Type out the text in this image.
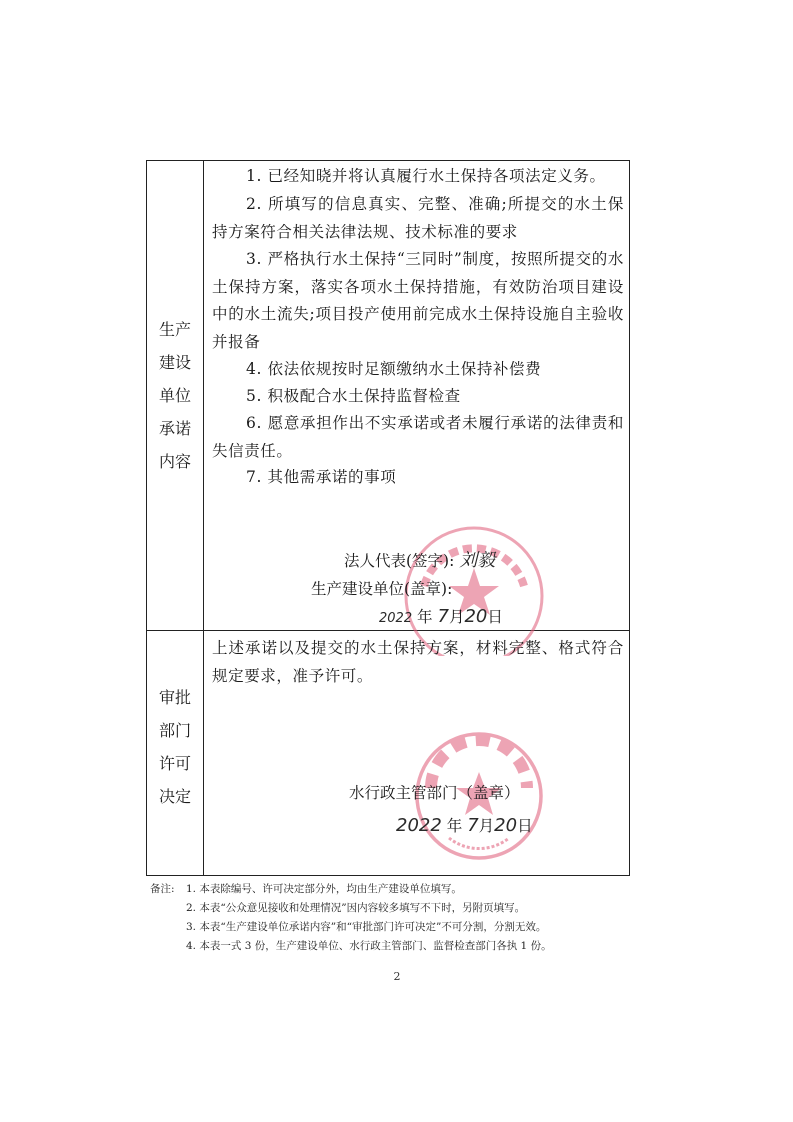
生产
建设
单位
承诺
内容
1. 已经知晓并将认真履行水土保持各项法定义务。
2. 所填写的信息真实、完整、准确;所提交的水土保持方案符合相关法律法规、技术标准的要求
3. 严格执行水土保持“三同时”制度，按照所提交的水土保持方案，落实各项水土保持措施，有效防治项目建设中的水土流失;项目投产使用前完成水土保持设施自主验收并报备
4. 依法依规按时足额缴纳水土保持补偿费
5. 积极配合水土保持监督检查
6. 愿意承担作出不实承诺或者未履行承诺的法律责和失信责任。
7. 其他需承诺的事项
法人代表(签字): 刘毅
生产建设单位(盖章):
2022 年 7月20日
审批
部门
许可
决定
上述承诺以及提交的水土保持方案，材料完整、格式符合规定要求，准予许可。
水行政主管部门（盖章）
2022 年 7月20日
备注:	1. 本表除编号、许可决定部分外，均由生产建设单位填写。
2. 本表“公众意见接收和处理情况”因内容较多填写不下时，另附页填写。
3. 本表“生产建设单位承诺内容”和“审批部门许可决定”不可分割，分割无效。
4. 本表一式 3 份，生产建设单位、水行政主管部门、监督检查部门各执 1 份。
2
